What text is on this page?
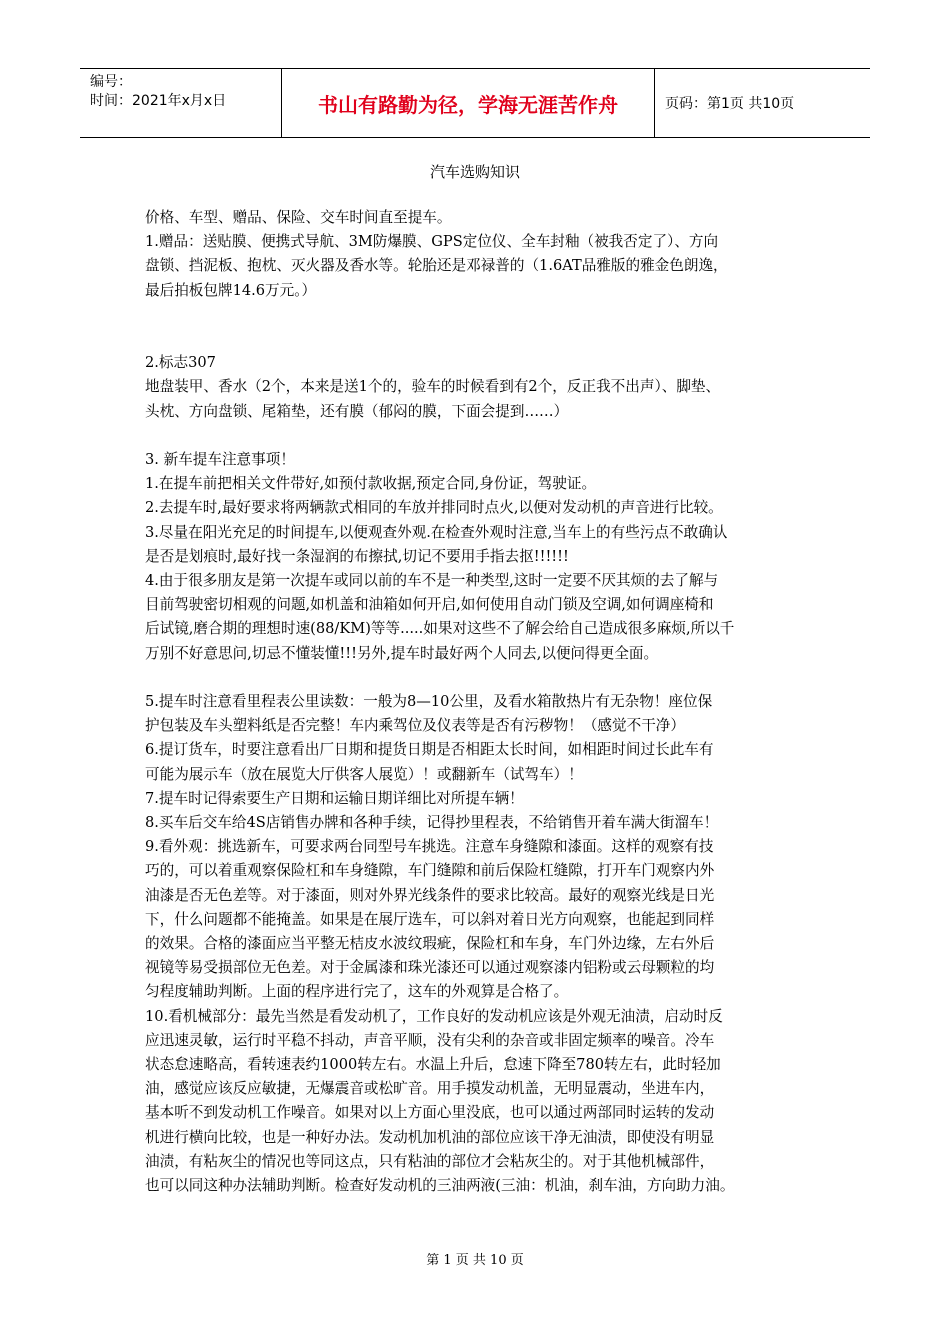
编号：
时间：2021年x月x日	书山有路勤为径，学海无涯苦作舟	页码：第1页 共10页
汽车选购知识

价格、车型、赠品、保险、交车时间直至提车。

1.赠品：送贴膜、便携式导航、3M防爆膜、GPS定位仪、全车封釉（被我否定了）、方向

盘锁、挡泥板、抱枕、灭火器及香水等。轮胎还是邓禄普的（1.6AT品雅版的雅金色朗逸，

最后拍板包牌14.6万元。）

2.标志307

地盘装甲、香水（2个，本来是送1个的，验车的时候看到有2个，反正我不出声）、脚垫、

头枕、方向盘锁、尾箱垫，还有膜（郁闷的膜，下面会提到……）

3. 新车提车注意事项！

1.在提车前把相关文件带好,如预付款收据,预定合同,身份证，驾驶证。

2.去提车时,最好要求将两辆款式相同的车放并排同时点火,以便对发动机的声音进行比较。

3.尽量在阳光充足的时间提车,以便观查外观.在检查外观时注意,当车上的有些污点不敢确认

是否是划痕时,最好找一条湿润的布擦拭,切记不要用手指去抠!!!!!!

4.由于很多朋友是第一次提车或同以前的车不是一种类型,这时一定要不厌其烦的去了解与

目前驾驶密切相观的问题,如机盖和油箱如何开启,如何使用自动门锁及空调,如何调座椅和

后试镜,磨合期的理想时速(88/KM)等等.....如果对这些不了解会给自己造成很多麻烦,所以千

万别不好意思问,切忌不懂装懂!!!另外,提车时最好两个人同去,以便问得更全面。

5.提车时注意看里程表公里读数：一般为8—10公里，及看水箱散热片有无杂物！座位保

护包装及车头塑料纸是否完整！车内乘驾位及仪表等是否有污秽物！（感觉不干净）

6.提订货车，时要注意看出厂日期和提货日期是否相距太长时间，如相距时间过长此车有

可能为展示车（放在展览大厅供客人展览）！或翻新车（试驾车）！

7.提车时记得索要生产日期和运输日期详细比对所提车辆！

8.买车后交车给4S店销售办牌和各种手续，记得抄里程表，不给销售开着车满大街溜车！

9.看外观：挑选新车，可要求两台同型号车挑选。注意车身缝隙和漆面。这样的观察有技

巧的，可以着重观察保险杠和车身缝隙，车门缝隙和前后保险杠缝隙，打开车门观察内外

油漆是否无色差等。对于漆面，则对外界光线条件的要求比较高。最好的观察光线是日光

下，什么问题都不能掩盖。如果是在展厅选车，可以斜对着日光方向观察，也能起到同样

的效果。合格的漆面应当平整无桔皮水波纹瑕疵，保险杠和车身，车门外边缘，左右外后

视镜等易受损部位无色差。对于金属漆和珠光漆还可以通过观察漆内铝粉或云母颗粒的均

匀程度辅助判断。上面的程序进行完了，这车的外观算是合格了。

10.看机械部分：最先当然是看发动机了，工作良好的发动机应该是外观无油渍，启动时反

应迅速灵敏，运行时平稳不抖动，声音平顺，没有尖利的杂音或非固定频率的噪音。冷车

状态怠速略高，看转速表约1000转左右。水温上升后，怠速下降至780转左右，此时轻加

油，感觉应该反应敏捷，无爆震音或松旷音。用手摸发动机盖，无明显震动，坐进车内，

基本听不到发动机工作噪音。如果对以上方面心里没底，也可以通过两部同时运转的发动

机进行横向比较，也是一种好办法。发动机加机油的部位应该干净无油渍，即使没有明显

油渍，有粘灰尘的情况也等同这点，只有粘油的部位才会粘灰尘的。对于其他机械部件，

也可以同这种办法辅助判断。检查好发动机的三油两液(三油：机油，刹车油，方向助力油。

第 1 页 共 10 页
